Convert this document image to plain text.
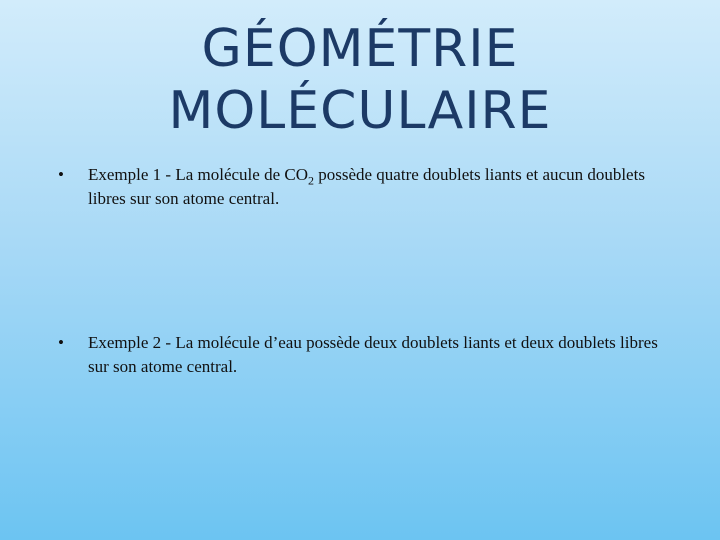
GÉOMÉTRIE
MOLÉCULAIRE
• Exemple 1 - La molécule de $CO_2$ possède quatre doublets liants et aucun doublets libres sur son atome central.
• Exemple 2 - La molécule d’eau possède deux doublets liants et deux doublets libres sur son atome central.
